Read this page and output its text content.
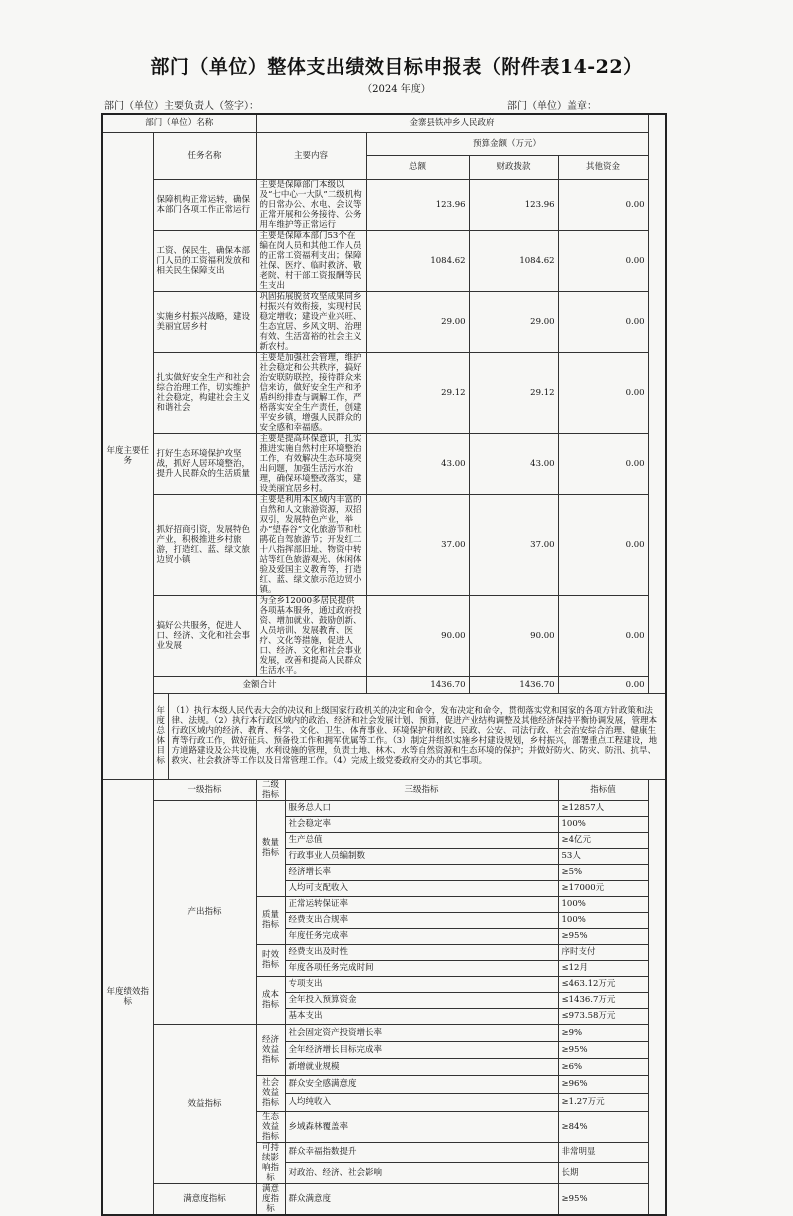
部门（单位）整体支出绩效目标申报表（附件表14-22）
（2024 年度）
部门（单位）主要负责人（签字）：	部门（单位）盖章：
部门（单位）名称			金寨县铁冲乡人民政府				
年度主要任务	任务名称		主要内容		预算金额（万元）		
					总额	财政拨款	其他资金
	保障机构正常运转，确保本部门各项工作正常运行		主要是保障部门本级以及“七中心一大队”二级机构的日常办公、水电、会议等正常开展和公务接待、公务用车维护等正常运行		123.96	123.96	0.00
	工资、保民生，确保本部门人员的工资福利发放和相关民生保障支出		主要是保障本部门53个在编在岗人员和其他工作人员的正常工资福利支出；保障社保、医疗、临时救济、敬老院、村干部工资报酬等民生支出		1084.62	1084.62	0.00
	实施乡村振兴战略，建设美丽宜居乡村		巩固拓展脱贫攻坚成果同乡村振兴有效衔接，实现村民稳定增收；建设产业兴旺、生态宜居、乡风文明、治理有效、生活富裕的社会主义新农村。		29.00	29.00	0.00
	扎实做好安全生产和社会综合治理工作，切实维护社会稳定，构建社会主义和谐社会		主要是加强社会管理，维护社会稳定和公共秩序，搞好治安联防联控，接待群众来信来访，做好安全生产和矛盾纠纷排查与调解工作，严格落实安全生产责任，创建平安乡镇，增强人民群众的安全感和幸福感。		29.12	29.12	0.00
	打好生态环境保护攻坚战，抓好人居环境整治，提升人民群众的生活质量		主要是提高环保意识，扎实推进实施自然村庄环境整治工作，有效解决生态环境突出问题，加强生活污水治理，确保环境整改落实，建设美丽宜居乡村。		43.00	43.00	0.00
	抓好招商引资，发展特色产业，积极推进乡村旅游，打造红、蓝、绿文旅边贸小镇		主要是利用本区域内丰富的自然和人文旅游资源，双招双引，发展特色产业，举办“望春谷”文化旅游节和杜鹃花自驾旅游节；开发红二十八指挥部旧址、物资中转站等红色旅游观光、休闲体验及爱国主义教育等，打造红、蓝、绿文旅示范边贸小镇。		37.00	37.00	0.00
	搞好公共服务，促进人口、经济、文化和社会事业发展		为全乡12000多居民提供各项基本服务，通过政府投资、增加就业、鼓励创新、人员培训、发展教育、医疗、文化等措施，促进人口、经济、文化和社会事业发展，改善和提高人民群众生活水平。		90.00	90.00	0.00
	金额合计				1436.70	1436.70	0.00
	年度总体目标	（1）执行本级人民代表大会的决议和上级国家行政机关的决定和命令，发布决定和命令，贯彻落实党和国家的各项方针政策和法律、法规。（2）执行本行政区域内的政治、经济和社会发展计划、预算，促进产业结构调整及其他经济保持平衡协调发展，管理本行政区域内的经济、教育、科学、文化、卫生、体育事业、环境保护和财政、民政、公安、司法行政、社会治安综合治理、健康生育等行政工作，做好征兵、预备役工作和拥军优属等工作。（3）制定并组织实施乡村建设规划，乡村振兴，部署重点工程建设，地方道路建设及公共设施，水利设施的管理，负责土地、林木、水等自然资源和生态环境的保护；并做好防火、防灾、防汛、抗旱、救灾、社会救济等工作以及日常管理工作。（4）完成上级党委政府交办的其它事项。					
年度绩效指标	一级指标		二级指标	三级指标			指标值
	产出指标		数量指标	服务总人口			≥12857人
				社会稳定率			100%
				生产总值			≥4亿元
				行政事业人员编制数			53人
				经济增长率			≥5%
				人均可支配收入			≥17000元
			质量指标	正常运转保证率			100%
				经费支出合规率			100%
				年度任务完成率			≥95%
			时效指标	经费支出及时性			序时支付
				年度各项任务完成时间			≤12月
			成本指标	专项支出			≤463.12万元
				全年投入预算资金			≤1436.7万元
				基本支出			≤973.58万元
	效益指标		经济效益指标	社会固定资产投资增长率			≥9%
				全年经济增长目标完成率			≥95%
				新增就业规模			≥6%
			社会效益指标	群众安全感满意度			≥96%
				人均纯收入			≥1.27万元
			生态效益指标	乡域森林覆盖率			≥84%
			可持续影响指标	群众幸福指数提升			非常明显
				对政治、经济、社会影响			长期
	满意度指标		满意度指标	群众满意度			≥95%
